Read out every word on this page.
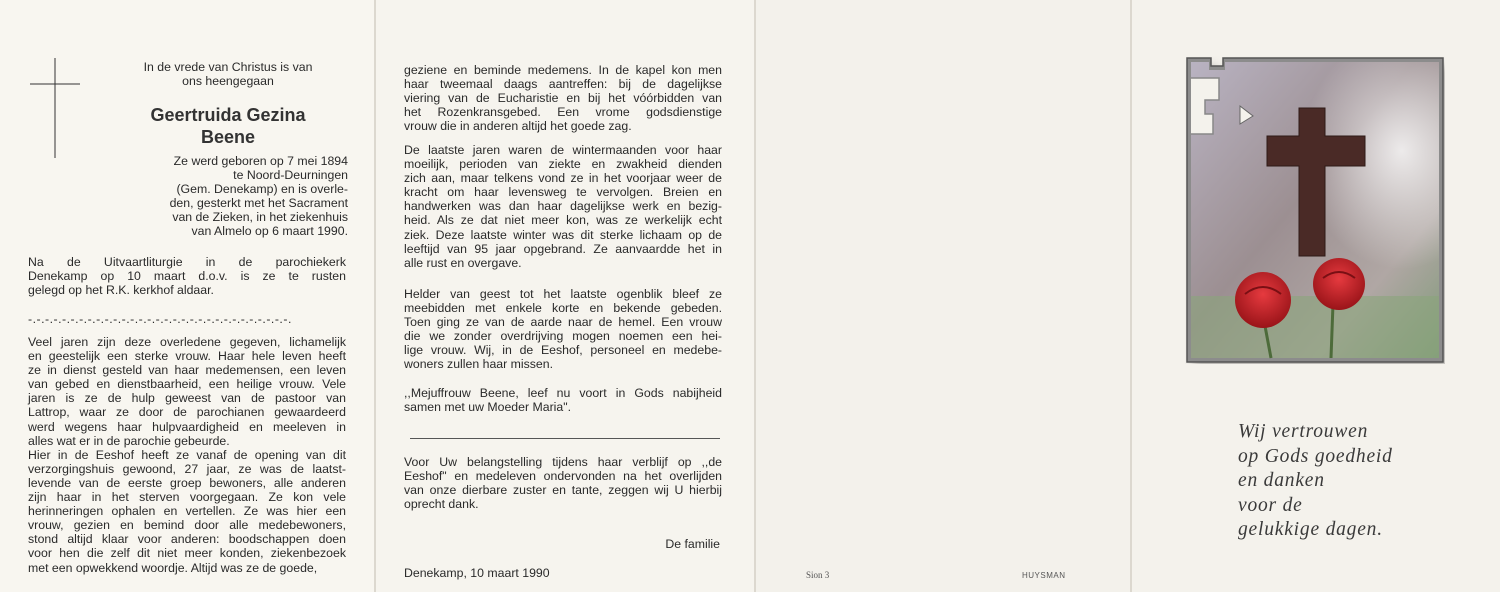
In de vrede van Christus is van
ons heengegaan
Geertruida Gezina
Beene
Ze werd geboren op 7 mei 1894
te Noord-Deurningen
(Gem. Denekamp) en is overle-
den, gesterkt met het Sacrament
van de Zieken, in het ziekenhuis
van Almelo op 6 maart 1990.
Na de Uitvaartliturgie in de parochiekerk
Denekamp op 10 maart d.o.v. is ze te rusten
gelegd op het R.K. kerkhof aldaar.
-.-.-.-.-.-.-.-.-.-.-.-.-.-.-.-.-.-.-.-.-.-.-.-.-.-.-.-.-.-.-.
Veel jaren zijn deze overledene gegeven, lichamelijk
en geestelijk een sterke vrouw. Haar hele leven heeft
ze in dienst gesteld van haar medemensen, een leven
van gebed en dienstbaarheid, een heilige vrouw. Vele
jaren is ze de hulp geweest van de pastoor van
Lattrop, waar ze door de parochianen gewaardeerd
werd wegens haar hulpvaardigheid en meeleven in
alles wat er in de parochie gebeurde.
Hier in de Eeshof heeft ze vanaf de opening van dit
verzorgingshuis gewoond, 27 jaar, ze was de laatst-
levende van de eerste groep bewoners, alle anderen
zijn haar in het sterven voorgegaan. Ze kon vele
herinneringen ophalen en vertellen. Ze was hier een
vrouw, gezien en bemind door alle medebewoners,
stond altijd klaar voor anderen: boodschappen doen
voor hen die zelf dit niet meer konden, ziekenbezoek
met een opwekkend woordje. Altijd was ze de goede,
geziene en beminde medemens. In de kapel kon men
haar tweemaal daags aantreffen: bij de dagelijkse
viering van de Eucharistie en bij het vóórbidden van
het Rozenkransgebed. Een vrome godsdienstige
vrouw die in anderen altijd het goede zag.
De laatste jaren waren de wintermaanden voor haar
moeilijk, perioden van ziekte en zwakheid dienden
zich aan, maar telkens vond ze in het voorjaar weer de
kracht om haar levensweg te vervolgen. Breien en
handwerken was dan haar dagelijkse werk en bezig-
heid. Als ze dat niet meer kon, was ze werkelijk echt
ziek. Deze laatste winter was dit sterke lichaam op de
leeftijd van 95 jaar opgebrand. Ze aanvaardde het in
alle rust en overgave.
Helder van geest tot het laatste ogenblik bleef ze
meebidden met enkele korte en bekende gebeden.
Toen ging ze van de aarde naar de hemel. Een vrouw
die we zonder overdrijving mogen noemen een hei-
lige vrouw. Wij, in de Eeshof, personeel en medebe-
woners zullen haar missen.
,,Mejuffrouw Beene, leef nu voort in Gods nabijheid
samen met uw Moeder Maria".
Voor Uw belangstelling tijdens haar verblijf op ,,de
Eeshof" en medeleven ondervonden na het overlijden
van onze dierbare zuster en tante, zeggen wij U hierbij
oprecht dank.
De familie
Denekamp, 10 maart 1990	Sion 3	HUYSMAN
Wij vertrouwen
op Gods goedheid
en danken
voor de
gelukkige dagen.
